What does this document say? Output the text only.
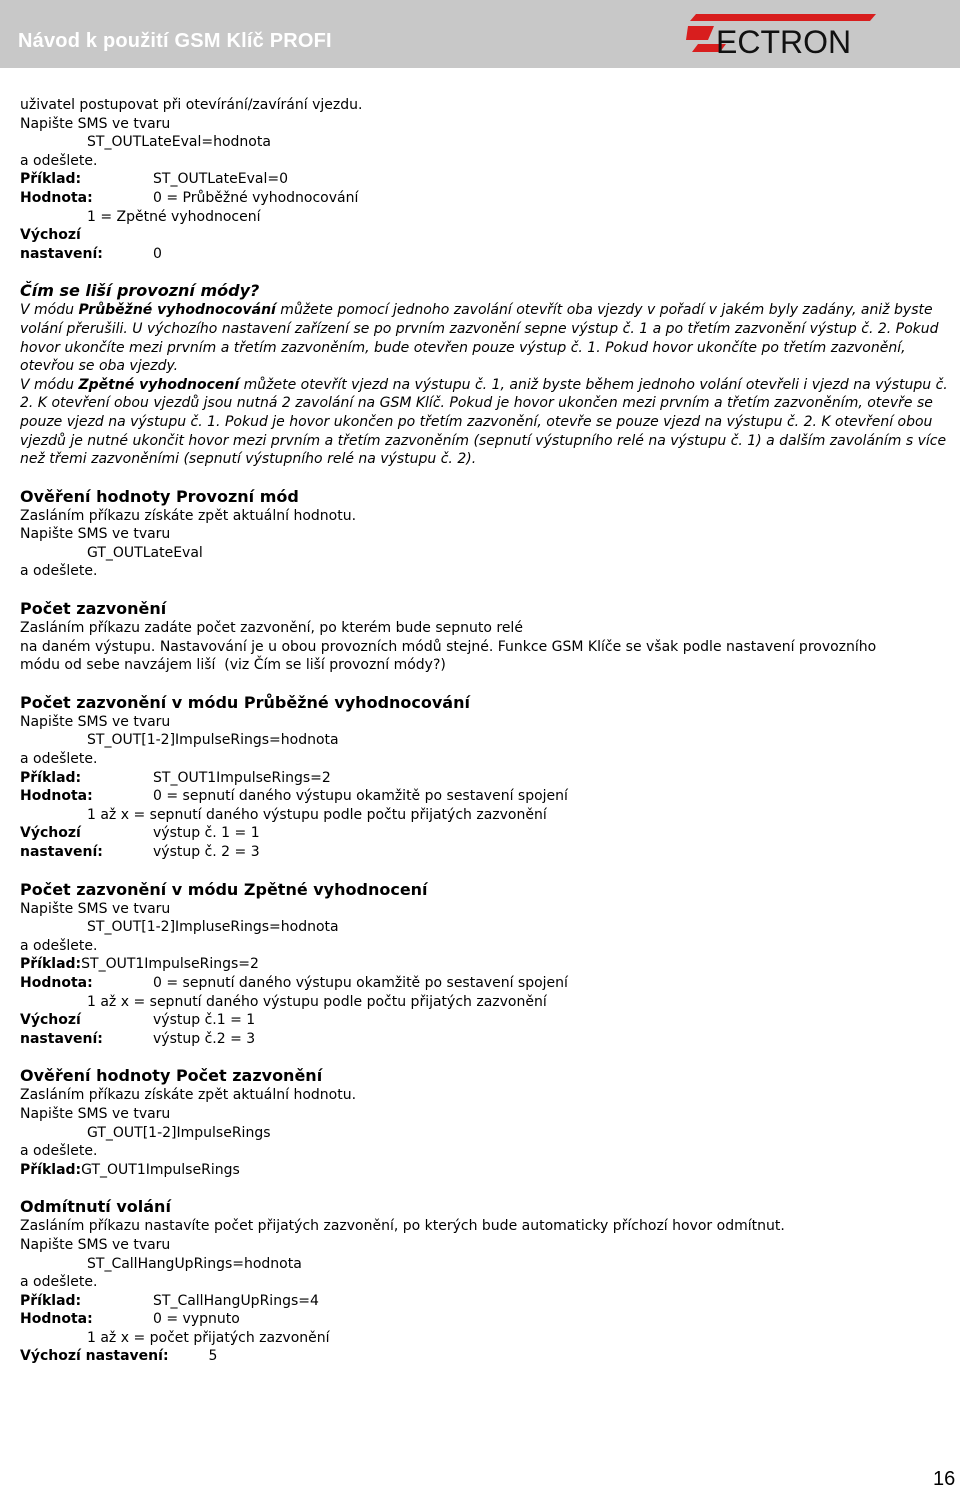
Návod k použití GSM Klíč PROFI	ECTRON
uživatel postupovat při otevírání/zavírání vjezdu.
Napište SMS ve tvaru
ST_OUTLateEval=hodnota
a odešlete.
Příklad:	ST_OUTLateEval=0
Hodnota:	0 = Průběžné vyhodnocování
1 = Zpětné vyhodnocení
Výchozí
nastavení:	0
Čím se liší provozní módy?
V módu Průběžné vyhodnocování můžete pomocí jednoho zavolání otevřít oba vjezdy v pořadí v jakém byly zadány, aniž byste volání přerušili. U výchozího nastavení zařízení se po prvním zazvonění sepne výstup č. 1 a po třetím zazvonění výstup č. 2. Pokud hovor ukončíte mezi prvním a třetím zazvoněním, bude otevřen pouze výstup č. 1. Pokud hovor ukončíte po třetím zazvonění, otevřou se oba vjezdy.
V módu Zpětné vyhodnocení můžete otevřít vjezd na výstupu č. 1, aniž byste během jednoho volání otevřeli i vjezd na výstupu č. 2. K otevření obou vjezdů jsou nutná 2 zavolání na GSM Klíč. Pokud je hovor ukončen mezi prvním a třetím zazvoněním, otevře se pouze vjezd na výstupu č. 1. Pokud je hovor ukončen po třetím zazvonění, otevře se pouze vjezd na výstupu č. 2. K otevření obou vjezdů je nutné ukončit hovor mezi prvním a třetím zazvoněním (sepnutí výstupního relé na výstupu č. 1) a dalším zavoláním s více než třemi zazvoněními (sepnutí výstupního relé na výstupu č. 2).
Ověření hodnoty Provozní mód
Zasláním příkazu získáte zpět aktuální hodnotu.
Napište SMS ve tvaru
GT_OUTLateEval
a odešlete.
Počet zazvonění
Zasláním příkazu zadáte počet zazvonění, po kterém bude sepnuto relé
na daném výstupu. Nastavování je u obou provozních módů stejné. Funkce GSM Klíče se však podle nastavení provozního
módu od sebe navzájem liší  (viz Čím se liší provozní módy?)
Počet zazvonění v módu Průběžné vyhodnocování
Napište SMS ve tvaru
ST_OUT[1-2]ImpulseRings=hodnota
a odešlete.
Příklad:	ST_OUT1ImpulseRings=2
Hodnota:	0 = sepnutí daného výstupu okamžitě po sestavení spojení
1 až x = sepnutí daného výstupu podle počtu přijatých zazvonění
Výchozí	výstup č. 1 = 1
nastavení:	výstup č. 2 = 3
Počet zazvonění v módu Zpětné vyhodnocení
Napište SMS ve tvaru
ST_OUT[1-2]ImpluseRings=hodnota
a odešlete.
Příklad:ST_OUT1ImpulseRings=2
Hodnota:	0 = sepnutí daného výstupu okamžitě po sestavení spojení
1 až x = sepnutí daného výstupu podle počtu přijatých zazvonění
Výchozí	výstup č.1 = 1
nastavení:	výstup č.2 = 3
Ověření hodnoty Počet zazvonění
Zasláním příkazu získáte zpět aktuální hodnotu.
Napište SMS ve tvaru
GT_OUT[1-2]ImpulseRings
a odešlete.
Příklad:GT_OUT1ImpulseRings
Odmítnutí volání
Zasláním příkazu nastavíte počet přijatých zazvonění, po kterých bude automaticky příchozí hovor odmítnut.
Napište SMS ve tvaru
ST_CallHangUpRings=hodnota
a odešlete.
Příklad:	ST_CallHangUpRings=4
Hodnota:	0 = vypnuto
1 až x = počet přijatých zazvonění
Výchozí nastavení:	5
16
